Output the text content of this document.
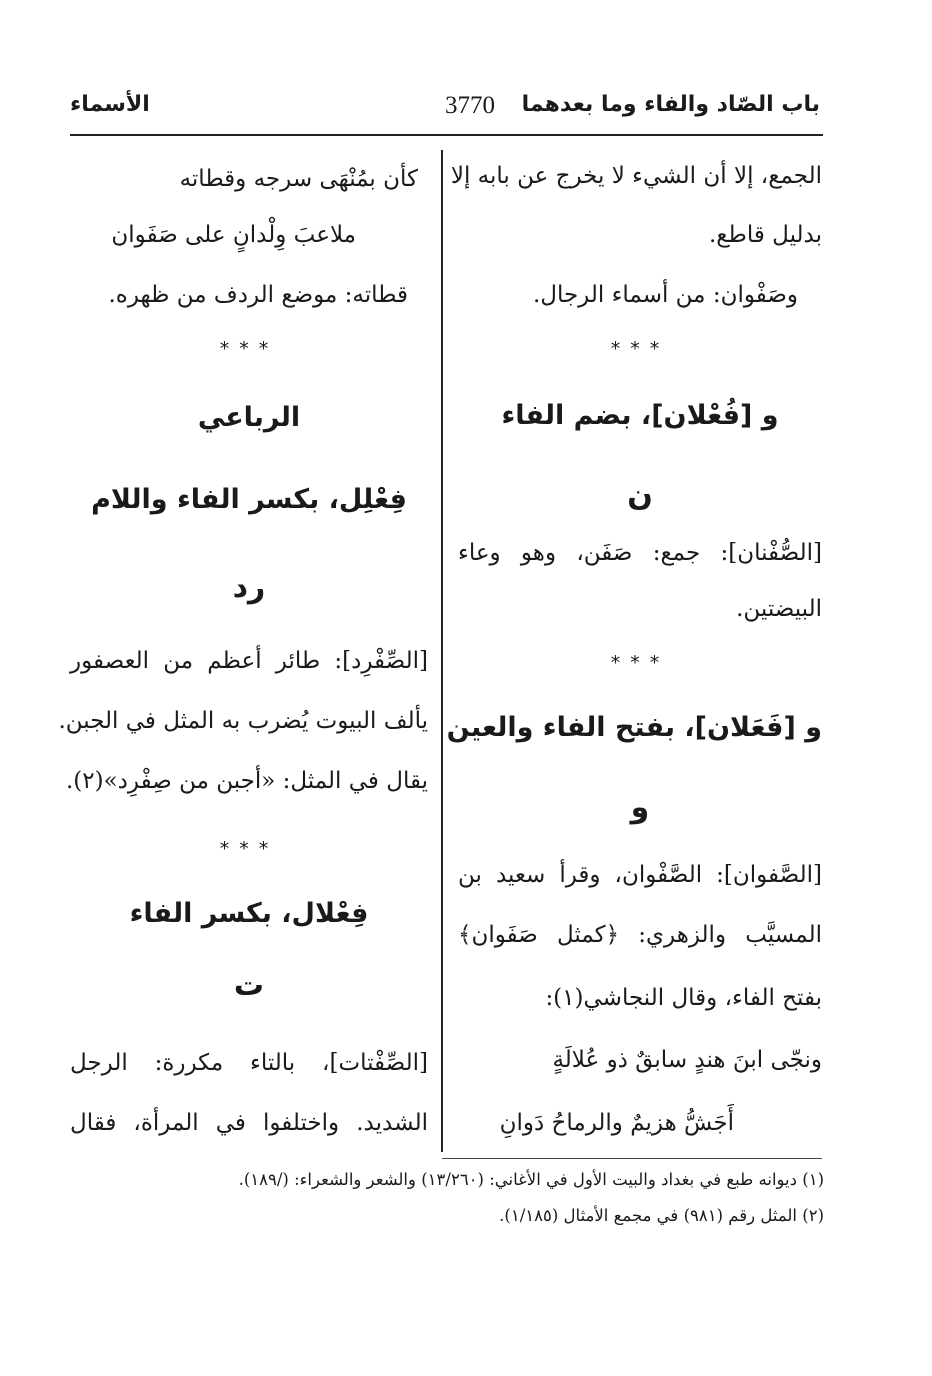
باب الصّاد والفاء وما بعدهما
3770
الأسماء
الجمع، إلا أن الشيء لا يخرج عن بابه إلا
بدليل قاطع.
وصَفْوان: من أسماء الرجال.
***
و [فُعْلان]، بضم الفاء
ن
[الصُّفْنان]: جمع: صَفَن، وهو وعاء
البيضتين.
***
و [فَعَلان]، بفتح الفاء والعين
و
[الصَّفوان]: الصَّفْوان، وقرأ سعيد بن
المسيَّب والزهري: ﴿كمثل صَفَوان﴾
بفتح الفاء، وقال النجاشي(١):
ونجّى ابنَ هندٍ سابقٌ ذو عُلالَةٍ
أَجَشُّ هزيمٌ والرماحُ دَوانِ
كأن بمُنْهَى سرجه وقطاته
ملاعبَ وِلْدانٍ على صَفَوان
قطاته: موضع الردف من ظهره.
***
الرباعي
فِعْلِل، بكسر الفاء واللام
رد
[الصِّفْرِد]: طائر أعظم من العصفور
يألف البيوت يُضرب به المثل في الجبن.
يقال في المثل: «أجبن من صِفْرِد»(٢).
***
فِعْلال، بكسر الفاء
ت
[الصِّفْتات]، بالتاء مكررة: الرجل
الشديد. واختلفوا في المرأة، فقال
(١) ديوانه طبع في بغداد والبيت الأول في الأغاني: (١٣/٢٦٠) والشعر والشعراء: (/١٨٩).
(٢) المثل رقم (٩٨١) في مجمع الأمثال (١/١٨٥).
